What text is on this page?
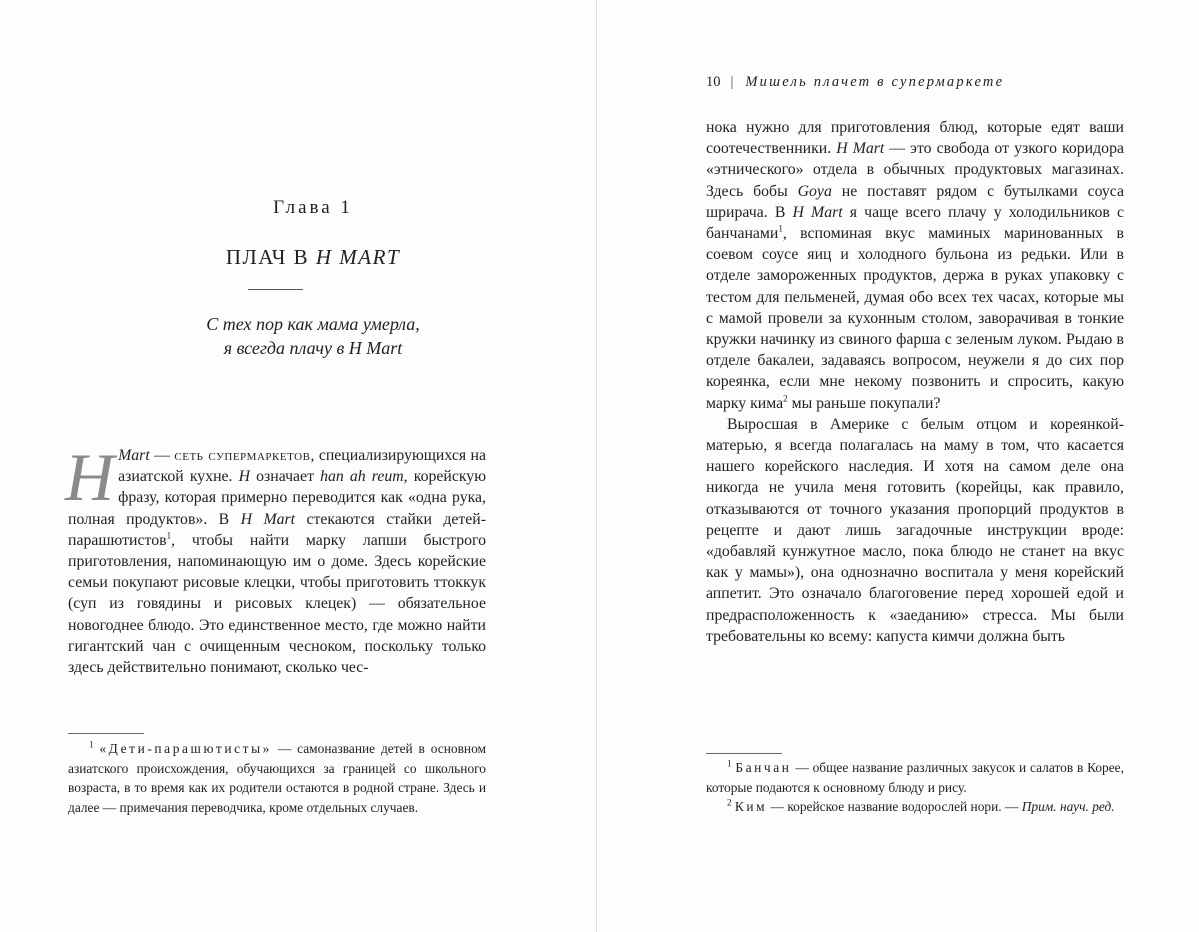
Глава 1
ПЛАЧ В H MART
С тех пор как мама умерла,
я всегда плачу в H Mart

H Mart — сеть супермаркетов, специализирующихся на азиатской кухне. H означает han ah reum, корейскую фразу, которая примерно переводится как «одна рука, полная продуктов». В H Mart стекаются стайки детей-парашютистов$^1$, чтобы найти марку лапши быстрого приготовления, напоминающую им о доме. Здесь корейские семьи покупают рисовые клецки, чтобы приготовить ттоккук (суп из говядины и рисовых клецек) — обязательное новогоднее блюдо. Это единственное место, где можно найти гигантский чан с очищенным чесноком, поскольку только здесь действительно понимают, сколько чес-

$^1$ «Дети-парашютисты» — самоназвание детей в основном азиатского происхождения, обучающихся за границей со школьного возраста, в то время как их родители остаются в родной стране. Здесь и далее — примечания переводчика, кроме отдельных случаев.

10 | Мишель плачет в супермаркете

нока нужно для приготовления блюд, которые едят ваши соотечественники. H Mart — это свобода от узкого коридора «этнического» отдела в обычных продуктовых магазинах. Здесь бобы Goya не поставят рядом с бутылками соуса шрирача. В H Mart я чаще всего плачу у холодильников с банчанами$^1$, вспоминая вкус маминых маринованных в соевом соусе яиц и холодного бульона из редьки. Или в отделе замороженных продуктов, держа в руках упаковку с тестом для пельменей, думая обо всех тех часах, которые мы с мамой провели за кухонным столом, заворачивая в тонкие кружки начинку из свиного фарша с зеленым луком. Рыдаю в отделе бакалеи, задаваясь вопросом, неужели я до сих пор кореянка, если мне некому позвонить и спросить, какую марку кима$^2$ мы раньше покупали?

Выросшая в Америке с белым отцом и кореянкой-матерью, я всегда полагалась на маму в том, что касается нашего корейского наследия. И хотя на самом деле она никогда не учила меня готовить (корейцы, как правило, отказываются от точного указания пропорций продуктов в рецепте и дают лишь загадочные инструкции вроде: «добавляй кунжутное масло, пока блюдо не станет на вкус как у мамы»), она однозначно воспитала у меня корейский аппетит. Это означало благоговение перед хорошей едой и предрасположенность к «заеданию» стресса. Мы были требовательны ко всему: капуста кимчи должна быть

$^1$ Банчан — общее название различных закусок и салатов в Корее, которые подаются к основному блюду и рису.

$^2$ Ким — корейское название водорослей нори. — Прим. науч. ред.
